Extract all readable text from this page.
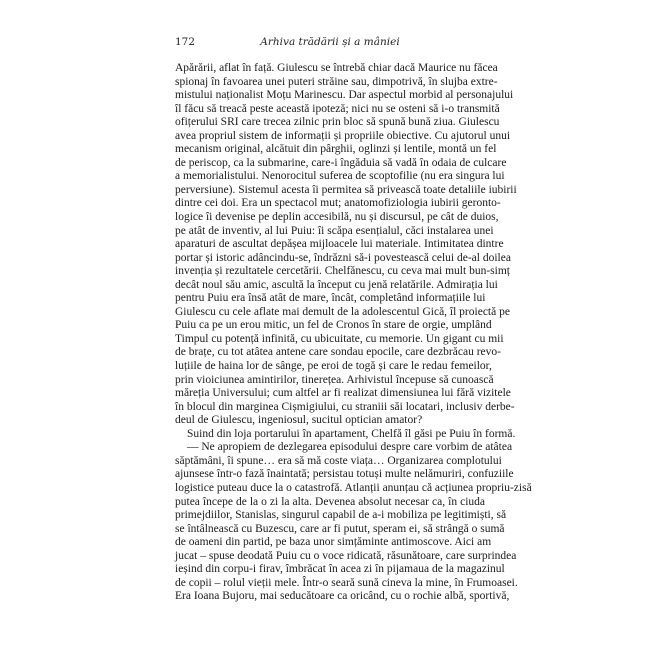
172	Arhiva trădării și a mâniei
Apărării, aflat în față. Giulescu se întrebă chiar dacă Maurice nu făcea
spionaj în favoarea unei puteri străine sau, dimpotrivă, în slujba extre-
mistului naționalist Moțu Marinescu. Dar aspectul morbid al personajului
îl făcu să treacă peste această ipoteză; nici nu se osteni să i-o transmită
ofițerului SRI care trecea zilnic prin bloc să spună bună ziua. Giulescu
avea propriul sistem de informații și propriile obiective. Cu ajutorul unui
mecanism original, alcătuit din pârghii, oglinzi și lentile, montă un fel
de periscop, ca la submarine, care-i îngăduia să vadă în odaia de culcare
a memorialistului. Nenorocitul suferea de scoptofilie (nu era singura lui
perversiune). Sistemul acesta îi permitea să privească toate detaliile iubirii
dintre cei doi. Era un spectacol mut; anatomofiziologia iubirii geronto-
logice îi devenise pe deplin accesibilă, nu și discursul, pe cât de duios,
pe atât de inventiv, al lui Puiu: îi scăpa esențialul, căci instalarea unei
aparaturi de ascultat depășea mijloacele lui materiale. Intimitatea dintre
portar și istoric adâncindu-se, îndrăzni să-i povestească celui de-al doilea
invenția și rezultatele cercetării. Chelfănescu, cu ceva mai mult bun-simț
decât noul său amic, ascultă la început cu jenă relatările. Admirația lui
pentru Puiu era însă atât de mare, încât, completând informațiile lui
Giulescu cu cele aflate mai demult de la adolescentul Gică, îl proiectă pe
Puiu ca pe un erou mitic, un fel de Cronos în stare de orgie, umplând
Timpul cu potență infinită, cu ubicuitate, cu memorie. Un gigant cu mii
de brațe, cu tot atâtea antene care sondau epocile, care dezbrăcau revo-
luțiile de haina lor de sânge, pe eroi de togă și care le redau femeilor,
prin vioiciunea amintirilor, tinerețea. Arhivistul începuse să cunoască
măreția Universului; cum altfel ar fi realizat dimensiunea lui fără vizitele
în blocul din marginea Cișmigiului, cu straniii săi locatari, inclusiv derbe-
deul de Giulescu, ingeniosul, sucitul optician amator?
Suind din loja portarului în apartament, Chelfă îl găsi pe Puiu în formă.
— Ne apropiem de dezlegarea episodului despre care vorbim de atâtea
săptămâni, îi spune… era să mă coste viața… Organizarea complotului
ajunsese într-o fază înaintată; persistau totuși multe nelămuriri, confuziile
logistice puteau duce la o catastrofă. Atlanții anunțau că acțiunea propriu-zisă
putea începe de la o zi la alta. Devenea absolut necesar ca, în ciuda
primejdiilor, Stanislas, singurul capabil de a-i mobiliza pe legitimiști, să
se întâlnească cu Buzescu, care ar fi putut, speram ei, să strângă o sumă
de oameni din partid, pe baza unor simțăminte antimoscove. Aici am
jucat – spuse deodată Puiu cu o voce ridicată, răsunătoare, care surprindea
ieșind din corpu-i firav, îmbrăcat în acea zi în pijamaua de la magazinul
de copii – rolul vieții mele. Într-o seară sună cineva la mine, în Frumoasei.
Era Ioana Bujoru, mai seducătoare ca oricând, cu o rochie albă, sportivă,
